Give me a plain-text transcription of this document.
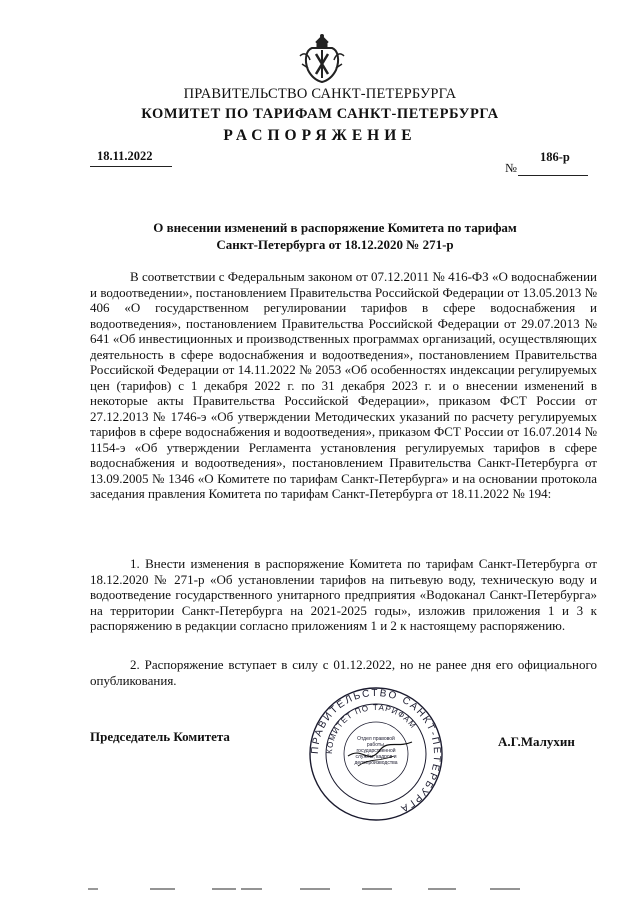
ПРАВИТЕЛЬСТВО САНКТ-ПЕТЕРБУРГА
КОМИТЕТ ПО ТАРИФАМ САНКТ-ПЕТЕРБУРГА
РАСПОРЯЖЕНИЕ
18.11.2022
№
186-р
О внесении изменений в распоряжение Комитета по тарифам
Санкт-Петербурга от 18.12.2020 № 271-р

В соответствии с Федеральным законом от 07.12.2011 № 416-ФЗ «О водоснабжении и водоотведении», постановлением Правительства Российской Федерации от 13.05.2013 № 406 «О государственном регулировании тарифов в сфере водоснабжения и водоотведения», постановлением Правительства Российской Федерации от 29.07.2013 № 641 «Об инвестиционных и производственных программах организаций, осуществляющих деятельность в сфере водоснабжения и водоотведения», постановлением Правительства Российской Федерации от 14.11.2022 № 2053 «Об особенностях индексации регулируемых цен (тарифов) с 1 декабря 2022 г. по 31 декабря 2023 г. и о внесении изменений в некоторые акты Правительства Российской Федерации», приказом ФСТ России от 27.12.2013 № 1746-э «Об утверждении Методических указаний по расчету регулируемых тарифов в сфере водоснабжения и водоотведения», приказом ФСТ России от 16.07.2014 № 1154-э «Об утверждении Регламента установления регулируемых тарифов в сфере водоснабжения и водоотведения», постановлением Правительства Санкт-Петербурга от 13.09.2005 № 1346 «О Комитете по тарифам Санкт-Петербурга» и на основании протокола заседания правления Комитета по тарифам Санкт-Петербурга от 18.11.2022 № 194:

1. Внести изменения в распоряжение Комитета по тарифам Санкт-Петербурга от 18.12.2020 № 271-р «Об установлении тарифов на питьевую воду, техническую воду и водоотведение государственного унитарного предприятия «Водоканал Санкт-Петербурга» на территории Санкт-Петербурга на 2021-2025 годы», изложив приложения 1 и 3 к распоряжению в редакции согласно приложениям 1 и 2 к настоящему распоряжению.

2. Распоряжение вступает в силу с 01.12.2022, но не ранее дня его официального опубликования.

Председатель Комитета	А.Г.Малухин
ПРАВИТЕЛЬСТВО САНКТ-ПЕТЕРБУРГА
КОМИТЕТ ПО ТАРИФАМ
Отдел правовой работы, государственной службы, кадров и делопроизводства
